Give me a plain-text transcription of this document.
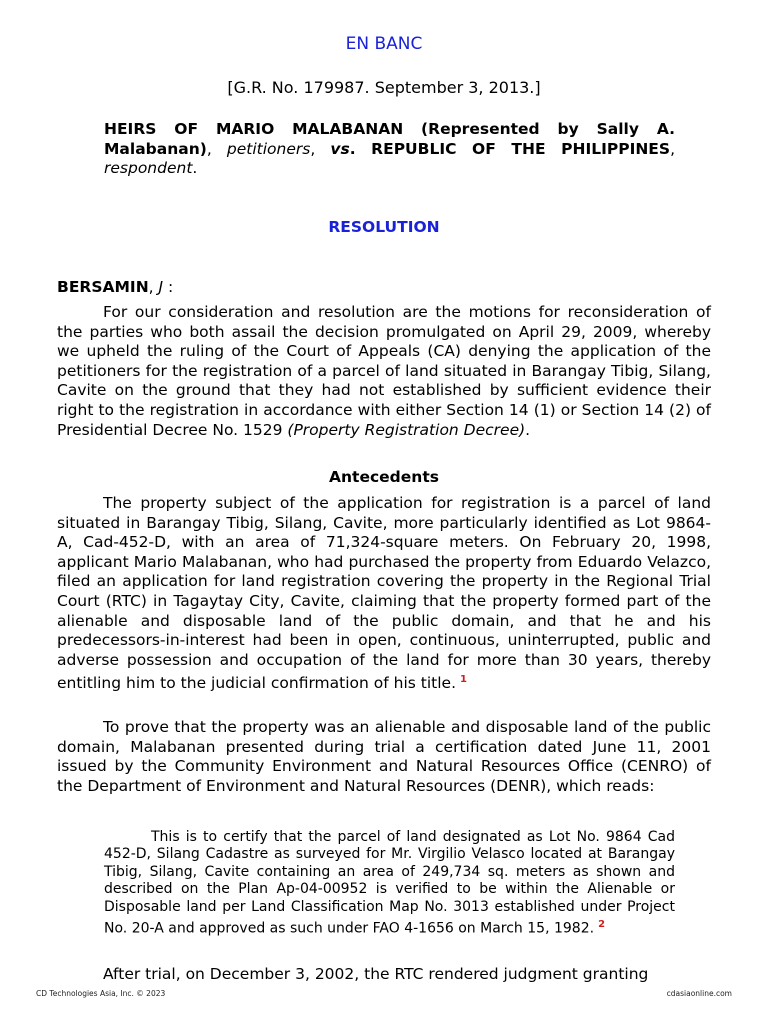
EN BANC
[G.R. No. 179987. September 3, 2013.]
HEIRS OF MARIO MALABANAN (Represented by Sally A. Malabanan), petitioners, vs. REPUBLIC OF THE PHILIPPINES, respondent.
RESOLUTION
BERSAMIN, J :

For our consideration and resolution are the motions for reconsideration of the parties who both assail the decision promulgated on April 29, 2009, whereby we upheld the ruling of the Court of Appeals (CA) denying the application of the petitioners for the registration of a parcel of land situated in Barangay Tibig, Silang, Cavite on the ground that they had not established by sufficient evidence their right to the registration in accordance with either Section 14 (1) or Section 14 (2) of Presidential Decree No. 1529 (Property Registration Decree).

Antecedents

The property subject of the application for registration is a parcel of land situated in Barangay Tibig, Silang, Cavite, more particularly identified as Lot 9864-A, Cad-452-D, with an area of 71,324-square meters. On February 20, 1998, applicant Mario Malabanan, who had purchased the property from Eduardo Velazco, filed an application for land registration covering the property in the Regional Trial Court (RTC) in Tagaytay City, Cavite, claiming that the property formed part of the alienable and disposable land of the public domain, and that he and his predecessors-in-interest had been in open, continuous, uninterrupted, public and adverse possession and occupation of the land for more than 30 years, thereby entitling him to the judicial confirmation of his title. $^1$

To prove that the property was an alienable and disposable land of the public domain, Malabanan presented during trial a certification dated June 11, 2001 issued by the Community Environment and Natural Resources Office (CENRO) of the Department of Environment and Natural Resources (DENR), which reads:

This is to certify that the parcel of land designated as Lot No. 9864 Cad 452-D, Silang Cadastre as surveyed for Mr. Virgilio Velasco located at Barangay Tibig, Silang, Cavite containing an area of 249,734 sq. meters as shown and described on the Plan Ap-04-00952 is verified to be within the Alienable or Disposable land per Land Classification Map No. 3013 established under Project No. 20-A and approved as such under FAO 4-1656 on March 15, 1982. $^2$

After trial, on December 3, 2002, the RTC rendered judgment granting

CD Technologies Asia, Inc. © 2023	cdasiaonline.com
